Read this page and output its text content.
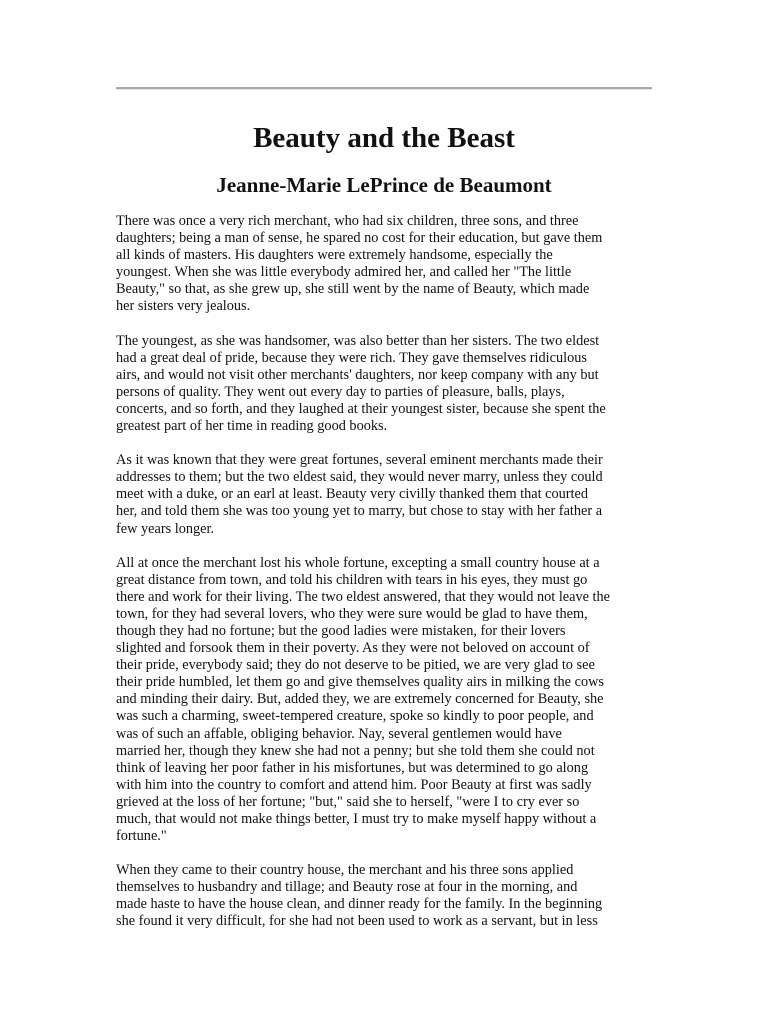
Beauty and the Beast
Jeanne-Marie LePrince de Beaumont

There was once a very rich merchant, who had six children, three sons, and three
daughters; being a man of sense, he spared no cost for their education, but gave them
all kinds of masters. His daughters were extremely handsome, especially the
youngest. When she was little everybody admired her, and called her "The little
Beauty," so that, as she grew up, she still went by the name of Beauty, which made
her sisters very jealous.

The youngest, as she was handsomer, was also better than her sisters. The two eldest
had a great deal of pride, because they were rich. They gave themselves ridiculous
airs, and would not visit other merchants' daughters, nor keep company with any but
persons of quality. They went out every day to parties of pleasure, balls, plays,
concerts, and so forth, and they laughed at their youngest sister, because she spent the
greatest part of her time in reading good books.

As it was known that they were great fortunes, several eminent merchants made their
addresses to them; but the two eldest said, they would never marry, unless they could
meet with a duke, or an earl at least. Beauty very civilly thanked them that courted
her, and told them she was too young yet to marry, but chose to stay with her father a
few years longer.

All at once the merchant lost his whole fortune, excepting a small country house at a
great distance from town, and told his children with tears in his eyes, they must go
there and work for their living. The two eldest answered, that they would not leave the
town, for they had several lovers, who they were sure would be glad to have them,
though they had no fortune; but the good ladies were mistaken, for their lovers
slighted and forsook them in their poverty. As they were not beloved on account of
their pride, everybody said; they do not deserve to be pitied, we are very glad to see
their pride humbled, let them go and give themselves quality airs in milking the cows
and minding their dairy. But, added they, we are extremely concerned for Beauty, she
was such a charming, sweet-tempered creature, spoke so kindly to poor people, and
was of such an affable, obliging behavior. Nay, several gentlemen would have
married her, though they knew she had not a penny; but she told them she could not
think of leaving her poor father in his misfortunes, but was determined to go along
with him into the country to comfort and attend him. Poor Beauty at first was sadly
grieved at the loss of her fortune; "but," said she to herself, "were I to cry ever so
much, that would not make things better, I must try to make myself happy without a
fortune."

When they came to their country house, the merchant and his three sons applied
themselves to husbandry and tillage; and Beauty rose at four in the morning, and
made haste to have the house clean, and dinner ready for the family. In the beginning
she found it very difficult, for she had not been used to work as a servant, but in less
